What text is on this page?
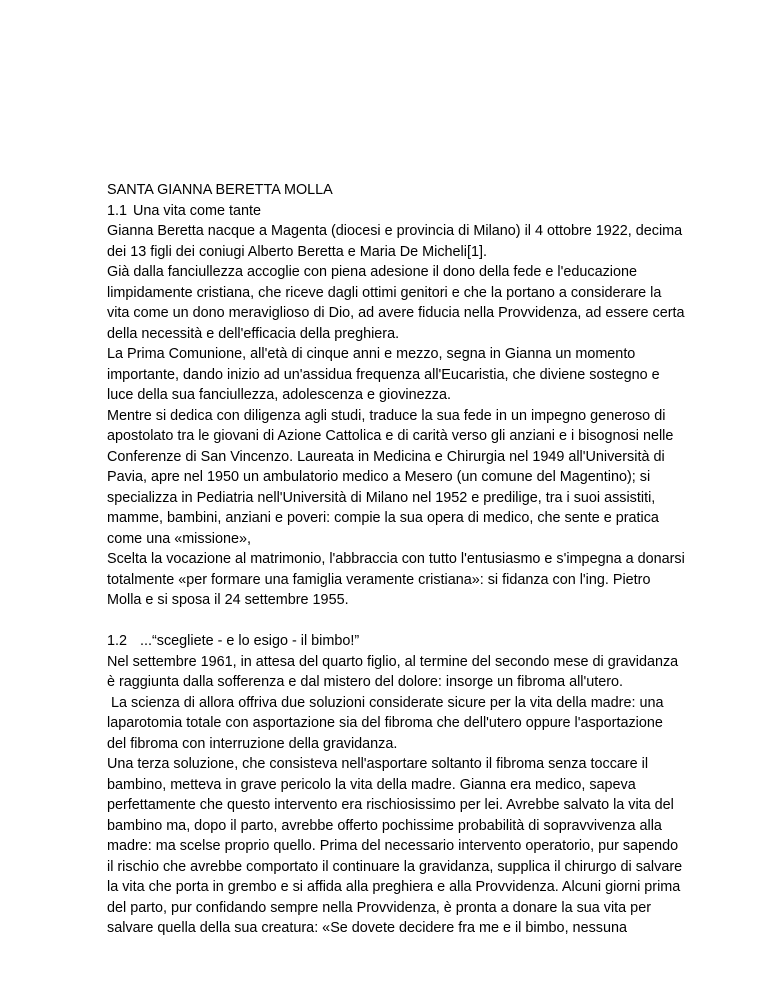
SANTA GIANNA BERETTA MOLLA
1.1 Una vita come tante
Gianna Beretta nacque a Magenta (diocesi e provincia di Milano) il 4 ottobre 1922, decima
dei 13 figli dei coniugi Alberto Beretta e Maria De Micheli[1].
Già dalla fanciullezza accoglie con piena adesione il dono della fede e l'educazione
limpidamente cristiana, che riceve dagli ottimi genitori e che la portano a considerare la
vita come un dono meraviglioso di Dio, ad avere fiducia nella Provvidenza, ad essere certa
della necessità e dell'efficacia della preghiera.
La Prima Comunione, all'età di cinque anni e mezzo, segna in Gianna un momento
importante, dando inizio ad un'assidua frequenza all'Eucaristia, che diviene sostegno e
luce della sua fanciullezza, adolescenza e giovinezza.
Mentre si dedica con diligenza agli studi, traduce la sua fede in un impegno generoso di
apostolato tra le giovani di Azione Cattolica e di carità verso gli anziani e i bisognosi nelle
Conferenze di San Vincenzo. Laureata in Medicina e Chirurgia nel 1949 all'Università di
Pavia, apre nel 1950 un ambulatorio medico a Mesero (un comune del Magentino); si
specializza in Pediatria nell'Università di Milano nel 1952 e predilige, tra i suoi assistiti,
mamme, bambini, anziani e poveri: compie la sua opera di medico, che sente e pratica
come una «missione»,
Scelta la vocazione al matrimonio, l'abbraccia con tutto l'entusiasmo e s'impegna a donarsi
totalmente «per formare una famiglia veramente cristiana»: si fidanza con l'ing. Pietro
Molla e si sposa il 24 settembre 1955.
1.2 ...“scegliete - e lo esigo - il bimbo!”
Nel settembre 1961, in attesa del quarto figlio, al termine del secondo mese di gravidanza
è raggiunta dalla sofferenza e dal mistero del dolore: insorge un fibroma all'utero.
La scienza di allora offriva due soluzioni considerate sicure per la vita della madre: una
laparotomia totale con asportazione sia del fibroma che dell'utero oppure l'asportazione
del fibroma con interruzione della gravidanza.
Una terza soluzione, che consisteva nell'asportare soltanto il fibroma senza toccare il
bambino, metteva in grave pericolo la vita della madre. Gianna era medico, sapeva
perfettamente che questo intervento era rischiosissimo per lei. Avrebbe salvato la vita del
bambino ma, dopo il parto, avrebbe offerto pochissime probabilità di sopravvivenza alla
madre: ma scelse proprio quello. Prima del necessario intervento operatorio, pur sapendo
il rischio che avrebbe comportato il continuare la gravidanza, supplica il chirurgo di salvare
la vita che porta in grembo e si affida alla preghiera e alla Provvidenza. Alcuni giorni prima
del parto, pur confidando sempre nella Provvidenza, è pronta a donare la sua vita per
salvare quella della sua creatura: «Se dovete decidere fra me e il bimbo, nessuna
